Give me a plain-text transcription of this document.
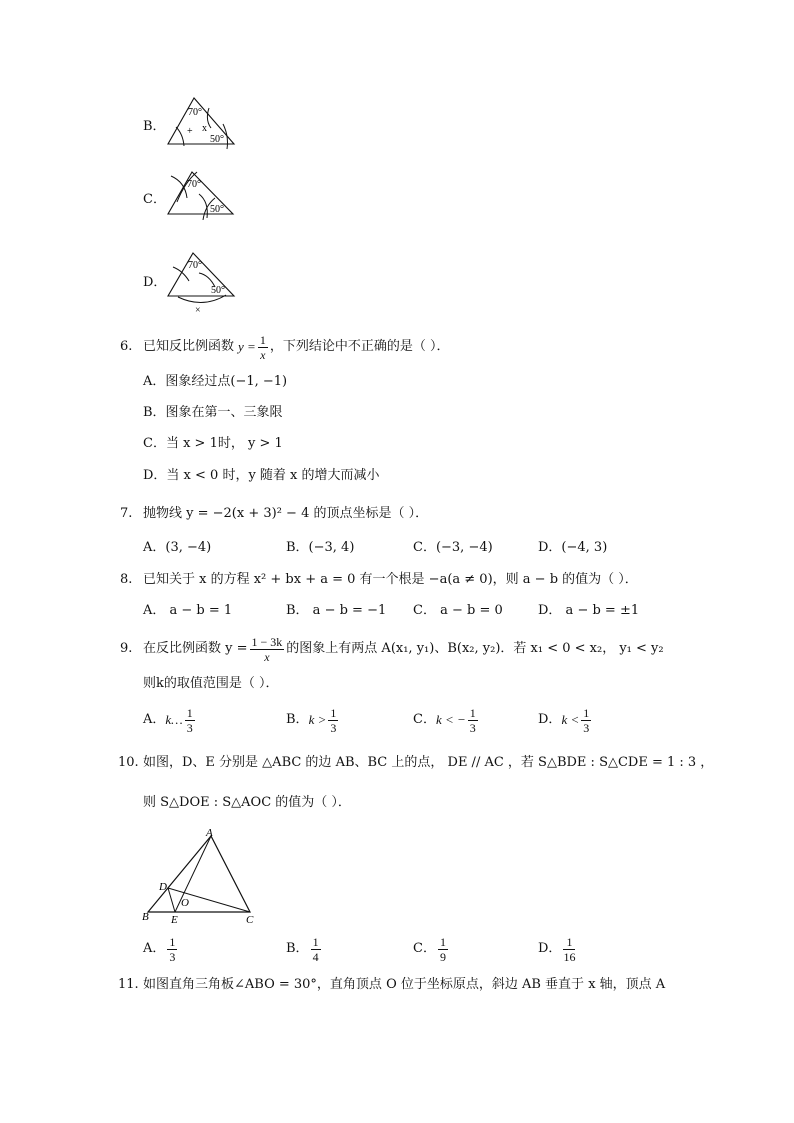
B．
70°
50°
+ x
C．
70°
50°
D．
70°
50°
×
6. 已知反比例函数 $y = \frac{1}{x}$ ，下列结论中不正确的是（ ）．
A．图象经过点(−1, −1)
B．图象在第一、三象限
C．当 x > 1时， y > 1
D．当 x < 0 时，y 随着 x 的增大而减小
7. 抛物线 y = −2(x + 3)² − 4 的顶点坐标是（ ）．
A．(3, −4)	B．(−3, 4)	C．(−3, −4)	D．(−4, 3)
8. 已知关于 x 的方程 x² + bx + a = 0 有一个根是 −a(a ≠ 0)，则 a − b 的值为（ ）．
A． a − b = 1	B． a − b = −1 C． a − b = 0	D． a − b = ±1
9. 在反比例函数 $y = \frac{1 - 3k}{x}$ 的图象上有两点 A(x₁, y₁)、B(x₂, y₂)．若 x₁ < 0 < x₂， y₁ < y₂
则k的取值范围是（ ）．
A． k… $\frac{1}{3}$	B． $k > \frac{1}{3}$	C． k < − $\frac{1}{3}$	D． $k < \frac{1}{3}$
10. 如图，D、E 分别是 △ABC 的边 AB、BC 上的点， DE // AC ，若 S△BDE : S△CDE = 1 : 3 ，
则 S△DOE : S△AOC 的值为（ ）．
A
B	C
D
E
O
A． $\frac{1}{3}$	B． $\frac{1}{4}$	C． $\frac{1}{9}$	D． $\frac{1}{16}$
11. 如图直角三角板∠ABO = 30°，直角顶点 O 位于坐标原点，斜边 AB 垂直于 x 轴，顶点 A
